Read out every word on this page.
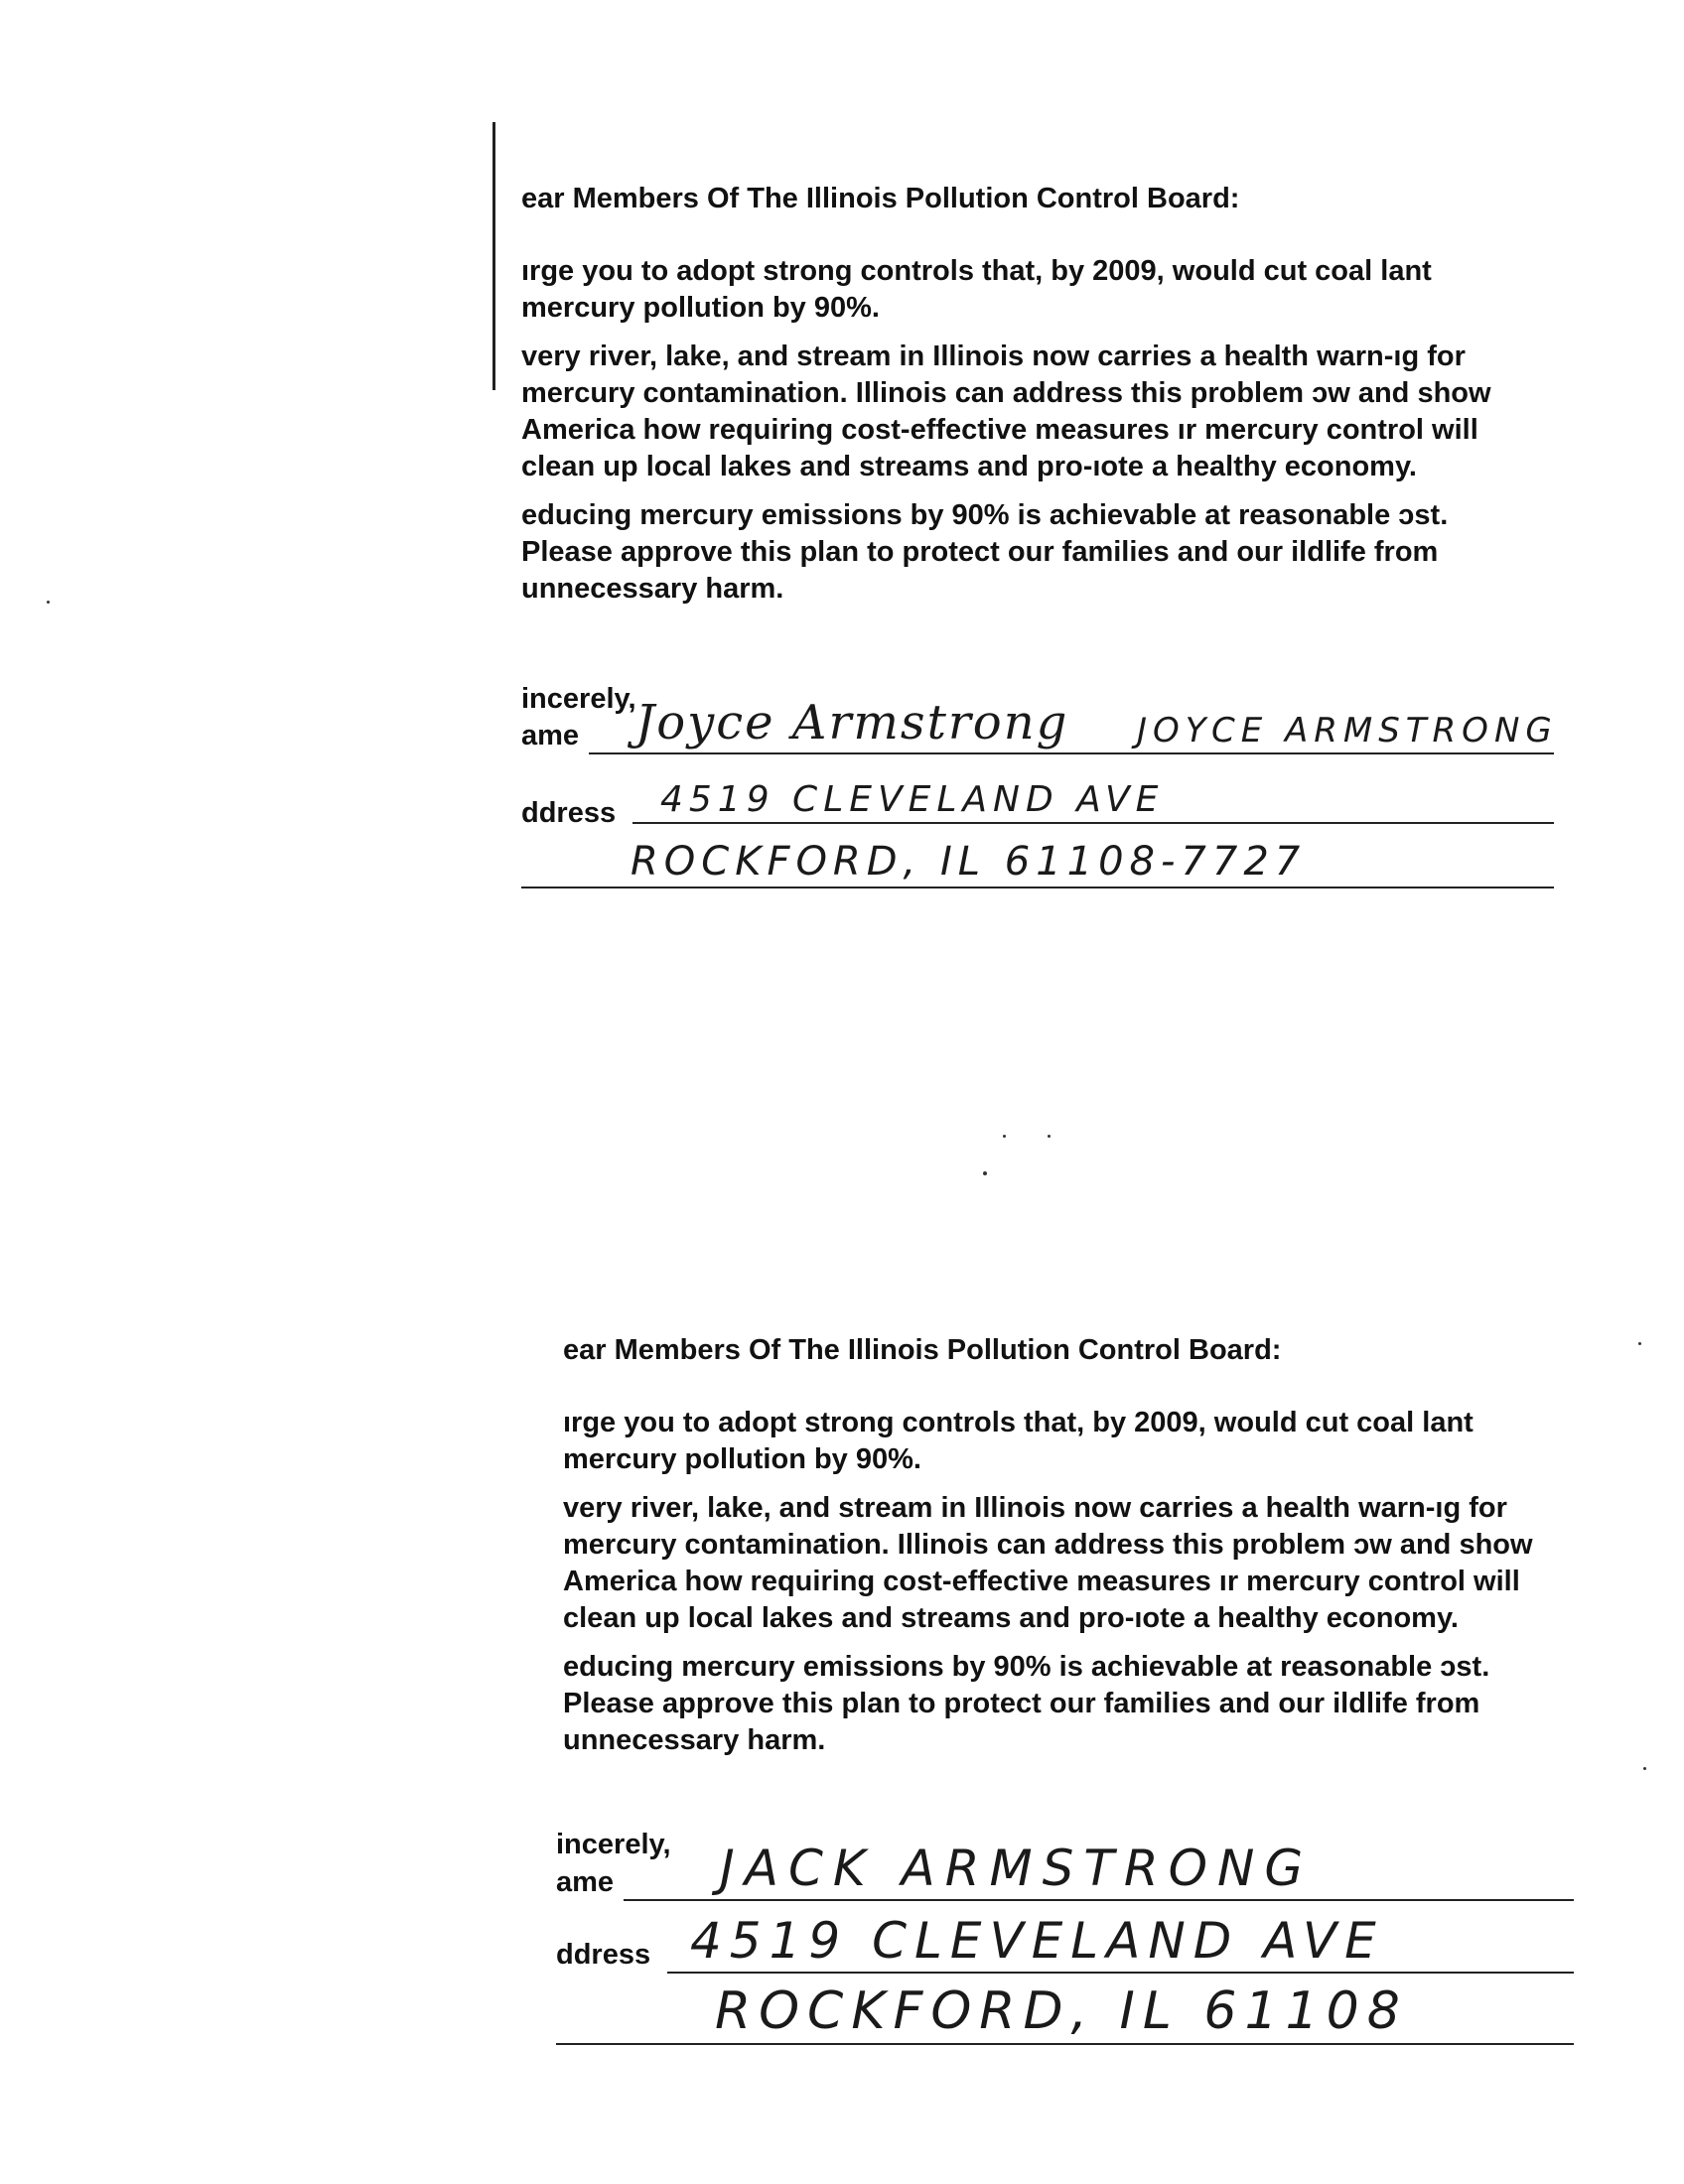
ear Members Of The Illinois Pollution Control Board:

ırge you to adopt strong controls that, by 2009, would cut coal lant mercury pollution by 90%.

very river, lake, and stream in Illinois now carries a health warn-ıg for mercury contamination. Illinois can address this problem ɔw and show America how requiring cost-effective measures ır mercury control will clean up local lakes and streams and pro-ıote a healthy economy.

educing mercury emissions by 90% is achievable at reasonable ɔst. Please approve this plan to protect our families and our ildlife from unnecessary harm.

incerely,
ame Joyce Armstrong JOYCE ARMSTRONG
ddress 4519 CLEVELAND AVE
ROCKFORD, IL 61108-7727

ear Members Of The Illinois Pollution Control Board:

ırge you to adopt strong controls that, by 2009, would cut coal lant mercury pollution by 90%.

very river, lake, and stream in Illinois now carries a health warn-ıg for mercury contamination. Illinois can address this problem ɔw and show America how requiring cost-effective measures ır mercury control will clean up local lakes and streams and pro-ıote a healthy economy.

educing mercury emissions by 90% is achievable at reasonable ɔst. Please approve this plan to protect our families and our ildlife from unnecessary harm.

incerely,
ame JACK ARMSTRONG
ddress 4519 CLEVELAND AVE
ROCKFORD, IL 61108
